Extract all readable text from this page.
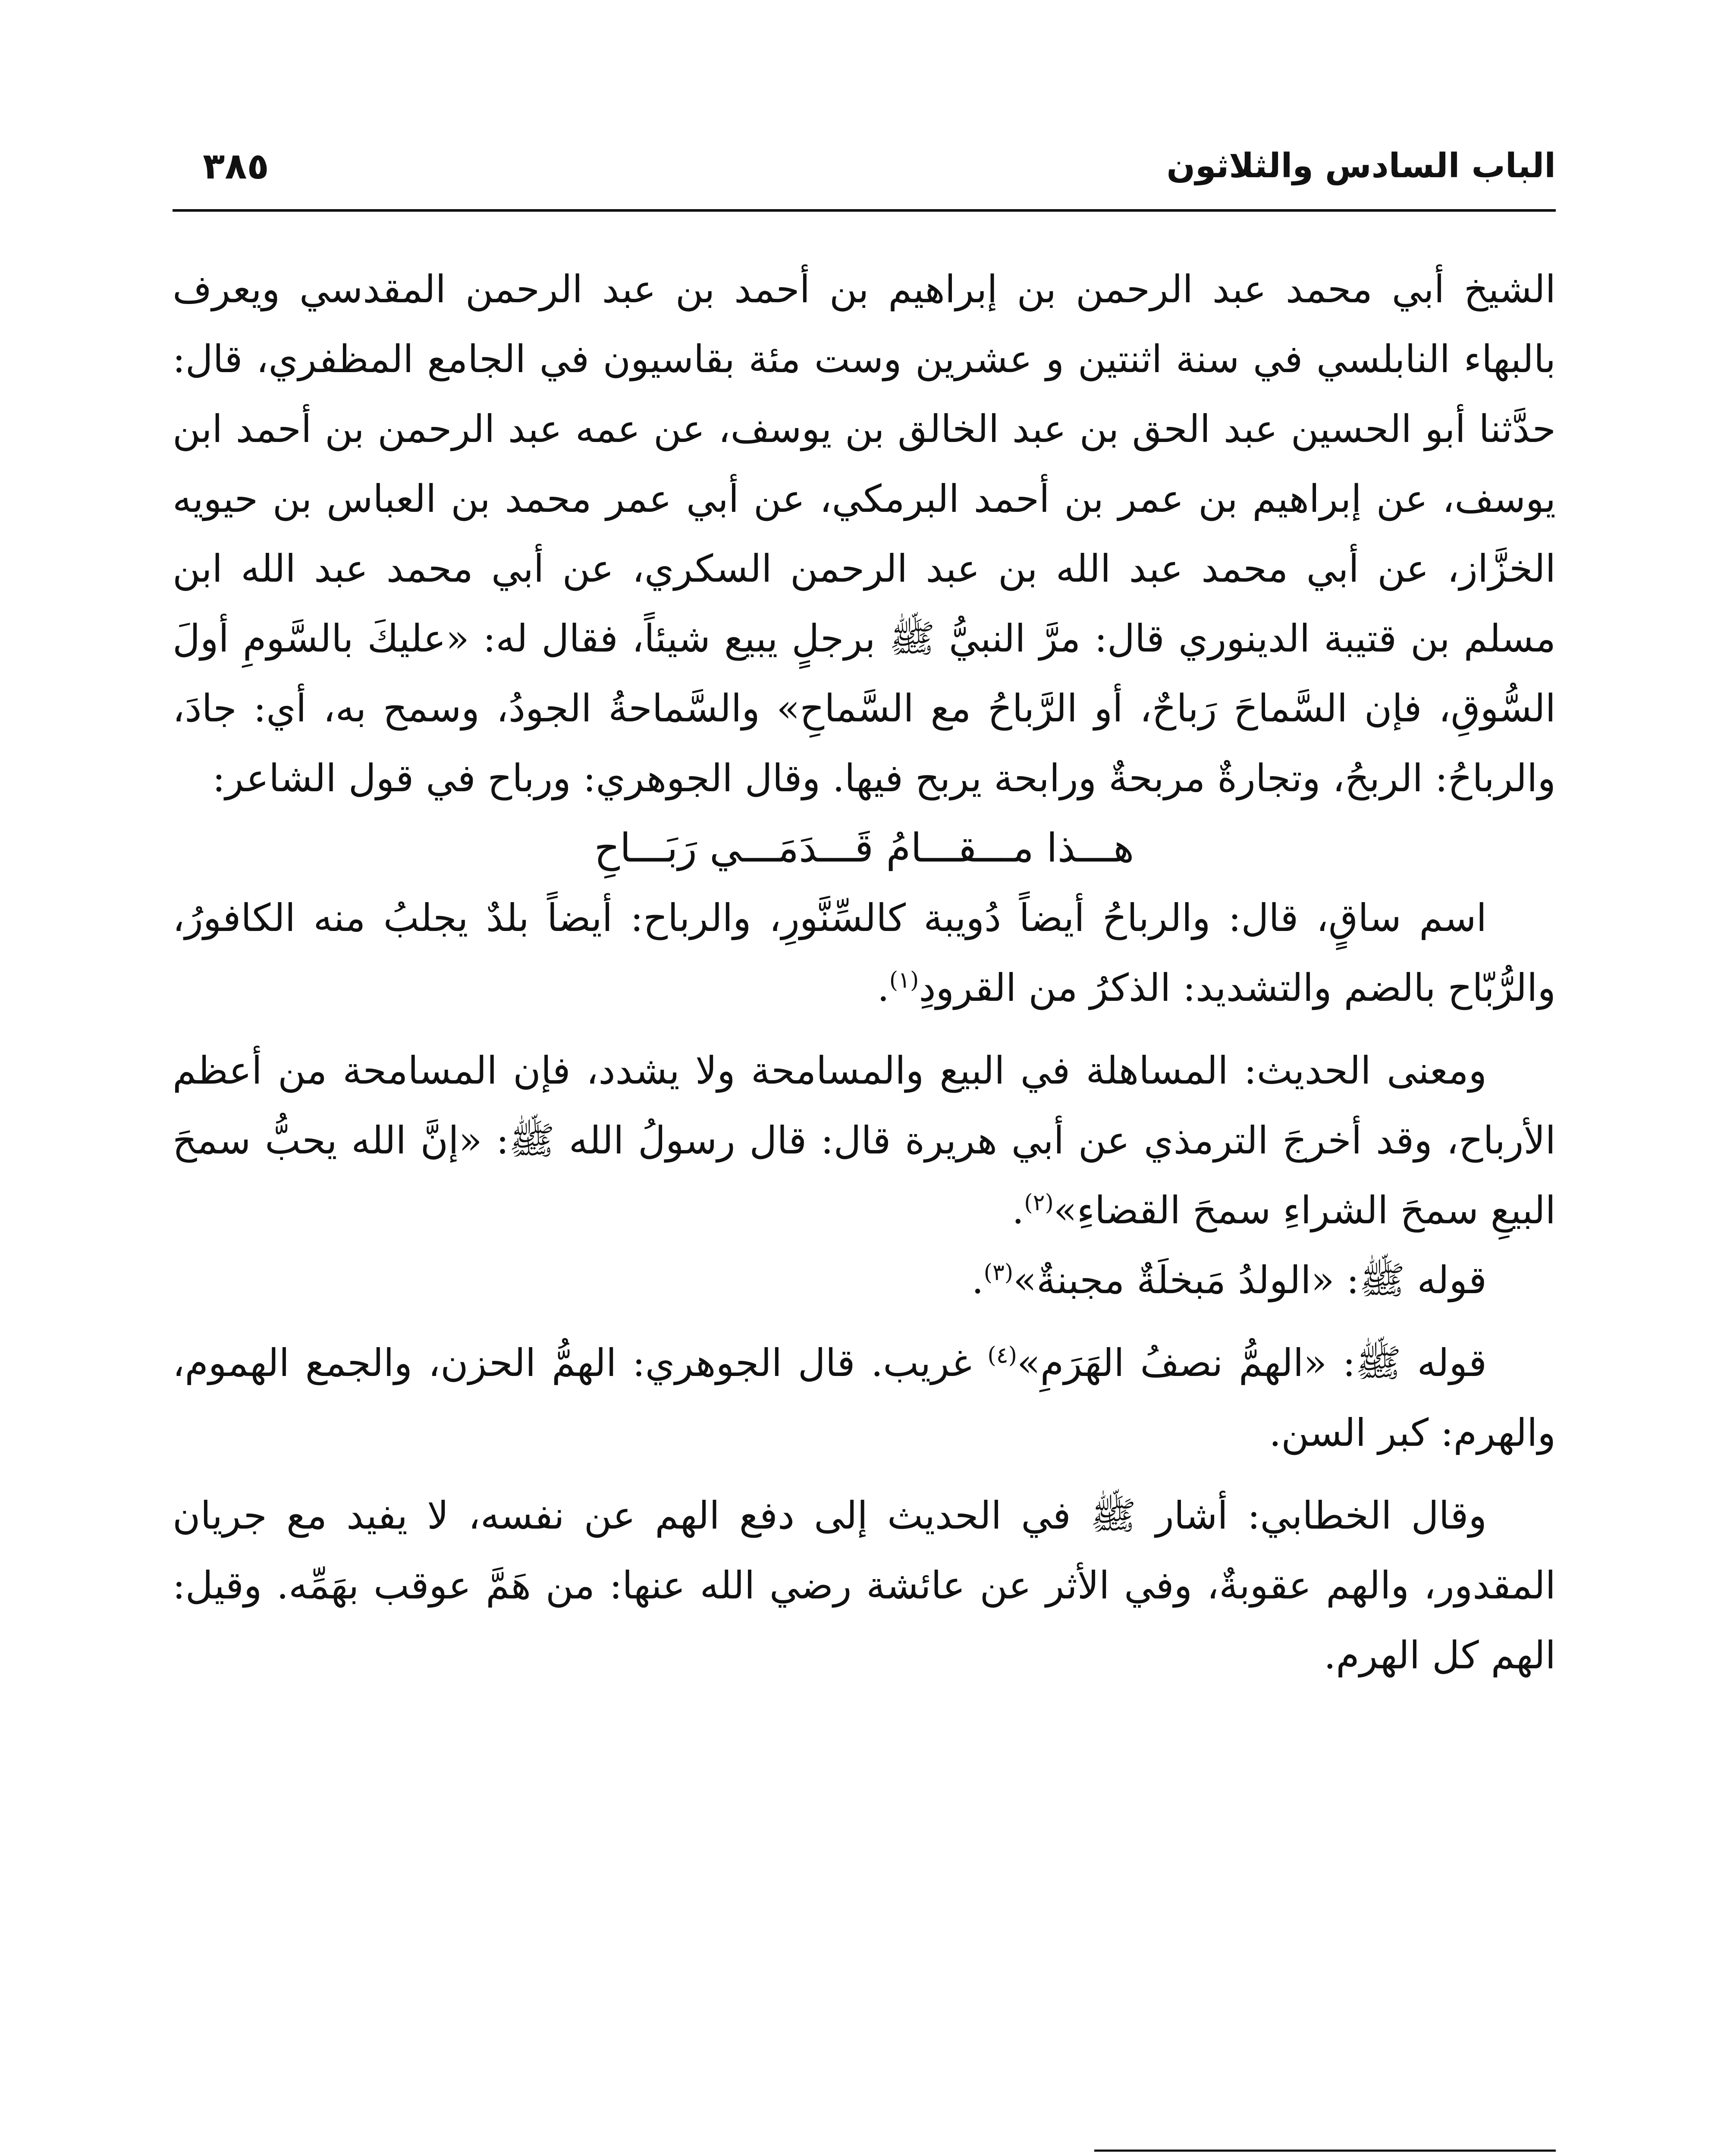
الباب السادس والثلاثون
٣٨٥

الشيخ أبي محمد عبد الرحمن بن إبراهيم بن أحمد بن عبد الرحمن المقدسي ويعرف بالبهاء النابلسي في سنة اثنتين و عشرين وست مئة بقاسيون في الجامع المظفري، قال: حدَّثنا أبو الحسين عبد الحق بن عبد الخالق بن يوسف، عن عمه عبد الرحمن بن أحمد ابن يوسف، عن إبراهيم بن عمر بن أحمد البرمكي، عن أبي عمر محمد بن العباس بن حيويه الخزَّاز، عن أبي محمد عبد الله بن عبد الرحمن السكري، عن أبي محمد عبد الله ابن مسلم بن قتيبة الدينوري قال: مرَّ النبيُّ ﷺ برجلٍ يبيع شيئاً، فقال له: «عليكَ بالسَّومِ أولَ السُّوقِ، فإن السَّماحَ رَباحٌ، أو الرَّباحُ مع السَّماحِ» والسَّماحةُ الجودُ، وسمح به، أي: جادَ، والرباحُ: الربحُ، وتجارةٌ مربحةٌ ورابحة يربح فيها. وقال الجوهري: ورباح في قول الشاعر:

هـــذا مـــقـــامُ قَـــدَمَـــي رَبَـــاحِ

اسم ساقٍ، قال: والرباحُ أيضاً دُويبة كالسِّنَّورِ، والرباح: أيضاً بلدٌ يجلبُ منه الكافورُ، والرُّبّاح بالضم والتشديد: الذكرُ من القرودِ$^{(١)}$.

ومعنى الحديث: المساهلة في البيع والمسامحة ولا يشدد، فإن المسامحة من أعظم الأرباح، وقد أخرجَ الترمذي عن أبي هريرة قال: قال رسولُ الله ﷺ: «إنَّ الله يحبُّ سمحَ البيعِ سمحَ الشراءِ سمحَ القضاءِ»$^{(٢)}$.

قوله ﷺ: «الولدُ مَبخلَةٌ مجبنةٌ»$^{(٣)}$.

قوله ﷺ: «الهمُّ نصفُ الهَرَمِ»$^{(٤)}$ غريب. قال الجوهري: الهمُّ الحزن، والجمع الهموم، والهرم: كبر السن.

وقال الخطابي: أشار ﷺ في الحديث إلى دفع الهم عن نفسه، لا يفيد مع جريان المقدور، والهم عقوبةٌ، وفي الأثر عن عائشة رضي الله عنها: من هَمَّ عوقب بهَمِّه. وقيل: الهم كل الهرم.
